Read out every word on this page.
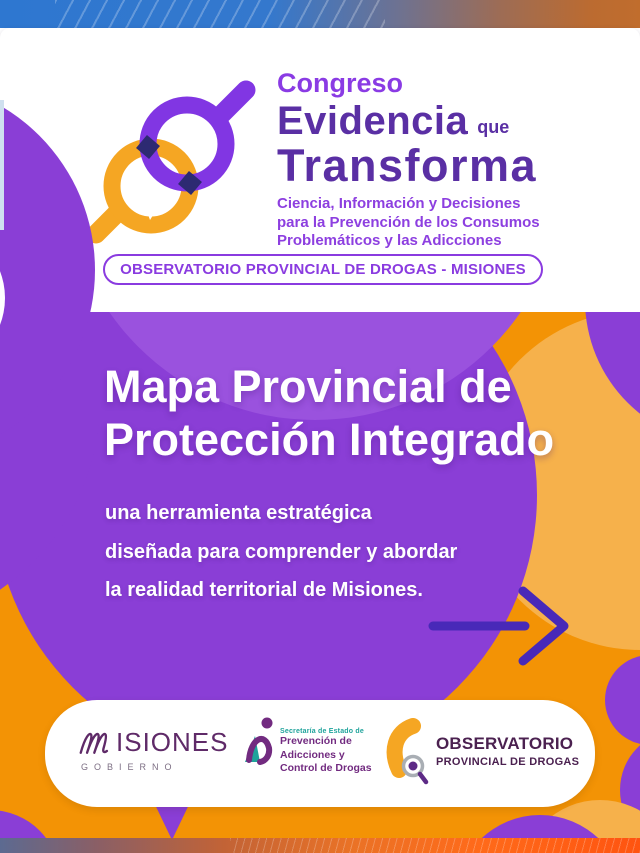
Congreso
Evidencia que
Transforma
Ciencia, Información y Decisiones
para la Prevención de los Consumos
Problemáticos y las Adicciones
OBSERVATORIO PROVINCIAL DE DROGAS - MISIONES
Mapa Provincial de
Protección Integrado
una herramienta estratégica
diseñada para comprender y abordar
la realidad territorial de Misiones.
ISIONES
GOBIERNO
Secretaría de Estado de
Prevención de
Adicciones y
Control de Drogas
OBSERVATORIO
PROVINCIAL DE DROGAS
